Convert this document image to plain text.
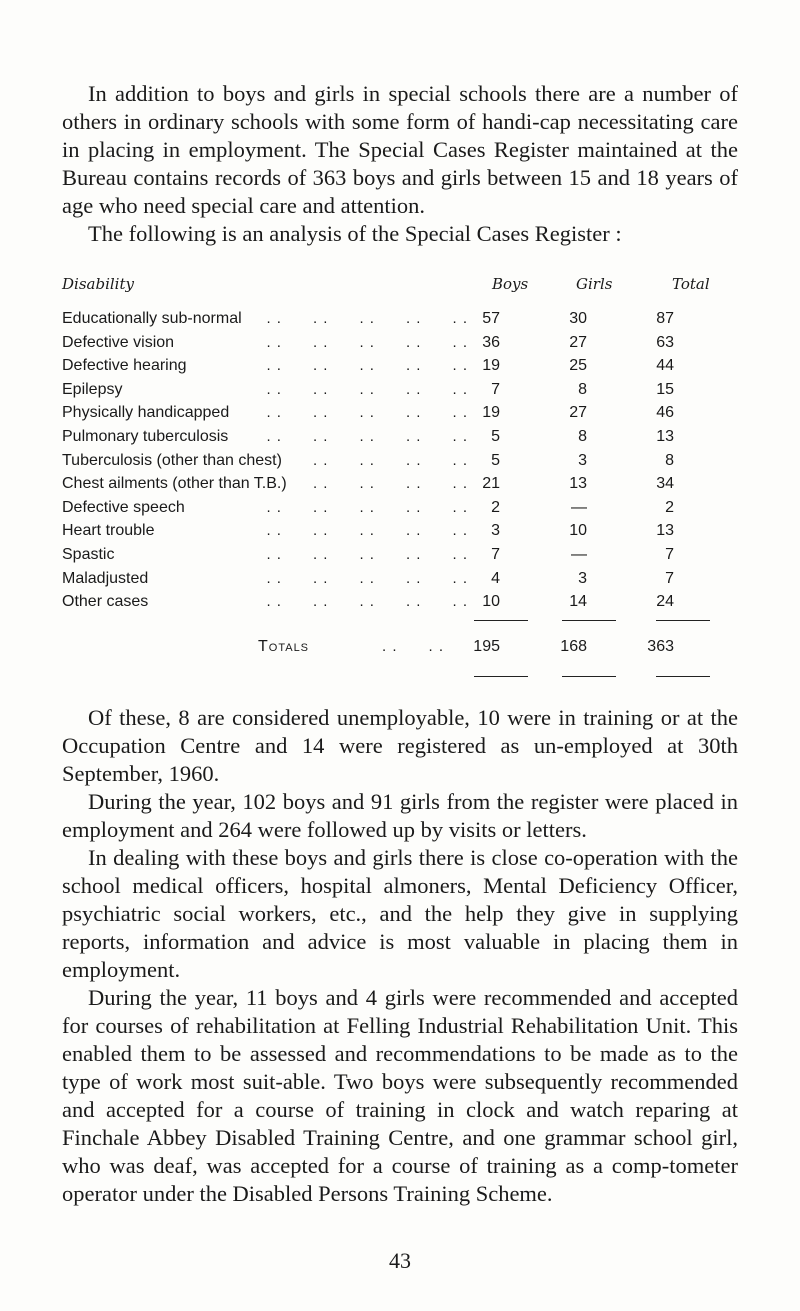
In addition to boys and girls in special schools there are a number of others in ordinary schools with some form of handi-cap necessitating care in placing in employment. The Special Cases Register maintained at the Bureau contains records of 363 boys and girls between 15 and 18 years of age who need special care and attention.

The following is an analysis of the Special Cases Register :

Disability	Boys	Girls	Total
Educationally sub-normal . .      . .      . .      . .      . . 57	30	87
Defective vision	. .      . .      . .      . .      . . 36	27	63
Defective hearing	. .      . .      . .      . .      . . 19	25	44
Epilepsy	. .      . .      . .      . .      . .	7	8	15
Physically handicapped . .      . .      . .      . .      . . 19	27	46
Pulmonary tuberculosis	. .      . .      . .      . .      . .	5	8	13
Tuberculosis (other than chest) . .      . .      . .      . .	5	3	8
Chest ailments (other than T.B.) . .      . .      . .      . . 21	13	34
Defective speech	. .      . .      . .      . .      . .	2	—	2
Heart trouble	. .      . .      . .      . .      . .	3	10	13
Spastic	. .      . .      . .      . .      . .	7	—	7
Maladjusted	. .      . .      . .      . .      . .	4	3	7
Other cases	. .      . .      . .      . .      . . 10	14	24
Totals	. .      . .	195	168	363

Of these, 8 are considered unemployable, 10 were in training or at the Occupation Centre and 14 were registered as un-employed at 30th September, 1960.

During the year, 102 boys and 91 girls from the register were placed in employment and 264 were followed up by visits or letters.

In dealing with these boys and girls there is close co-operation with the school medical officers, hospital almoners, Mental Deficiency Officer, psychiatric social workers, etc., and the help they give in supplying reports, information and advice is most valuable in placing them in employment.

During the year, 11 boys and 4 girls were recommended and accepted for courses of rehabilitation at Felling Industrial Rehabilitation Unit. This enabled them to be assessed and recommendations to be made as to the type of work most suit-able. Two boys were subsequently recommended and accepted for a course of training in clock and watch reparing at Finchale Abbey Disabled Training Centre, and one grammar school girl, who was deaf, was accepted for a course of training as a comp-tometer operator under the Disabled Persons Training Scheme.

43
